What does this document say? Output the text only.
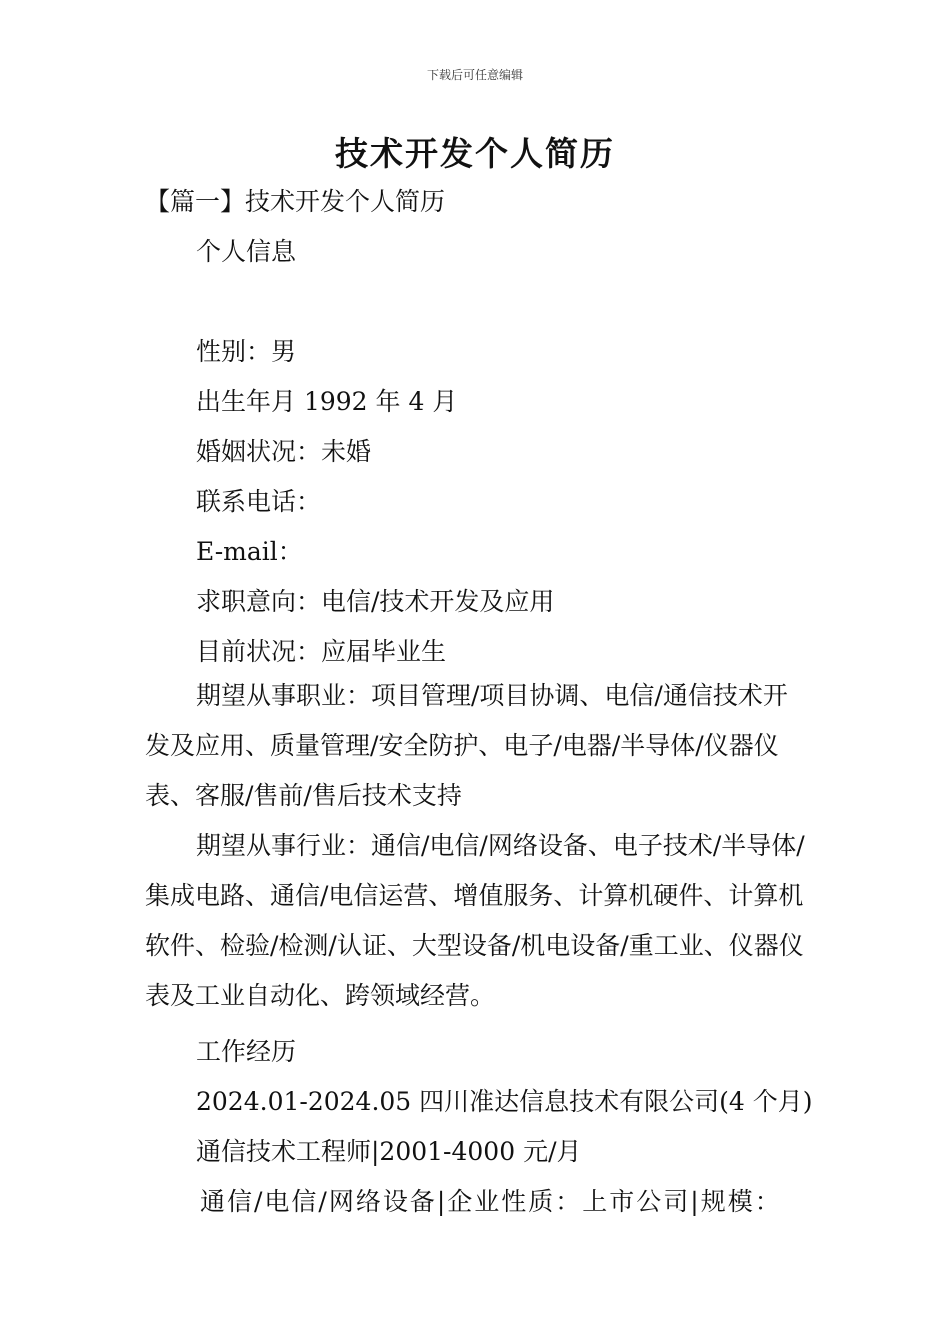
下载后可任意编辑
技术开发个人简历
【篇一】技术开发个人简历
个人信息
性别：男
出生年月 1992 年 4 月
婚姻状况：未婚
联系电话：
E-mail：
求职意向：电信/技术开发及应用
目前状况：应届毕业生
期望从事职业：项目管理/项目协调、电信/通信技术开发及应用、质量管理/安全防护、电子/电器/半导体/仪器仪表、客服/售前/售后技术支持
期望从事行业：通信/电信/网络设备、电子技术/半导体/集成电路、通信/电信运营、增值服务、计算机硬件、计算机软件、检验/检测/认证、大型设备/机电设备/重工业、仪器仪表及工业自动化、跨领域经营。
工作经历
2024.01-2024.05 四川准达信息技术有限公司(4 个月)
通信技术工程师|2001-4000 元/月
通信/电信/网络设备|企业性质：上市公司|规模：
